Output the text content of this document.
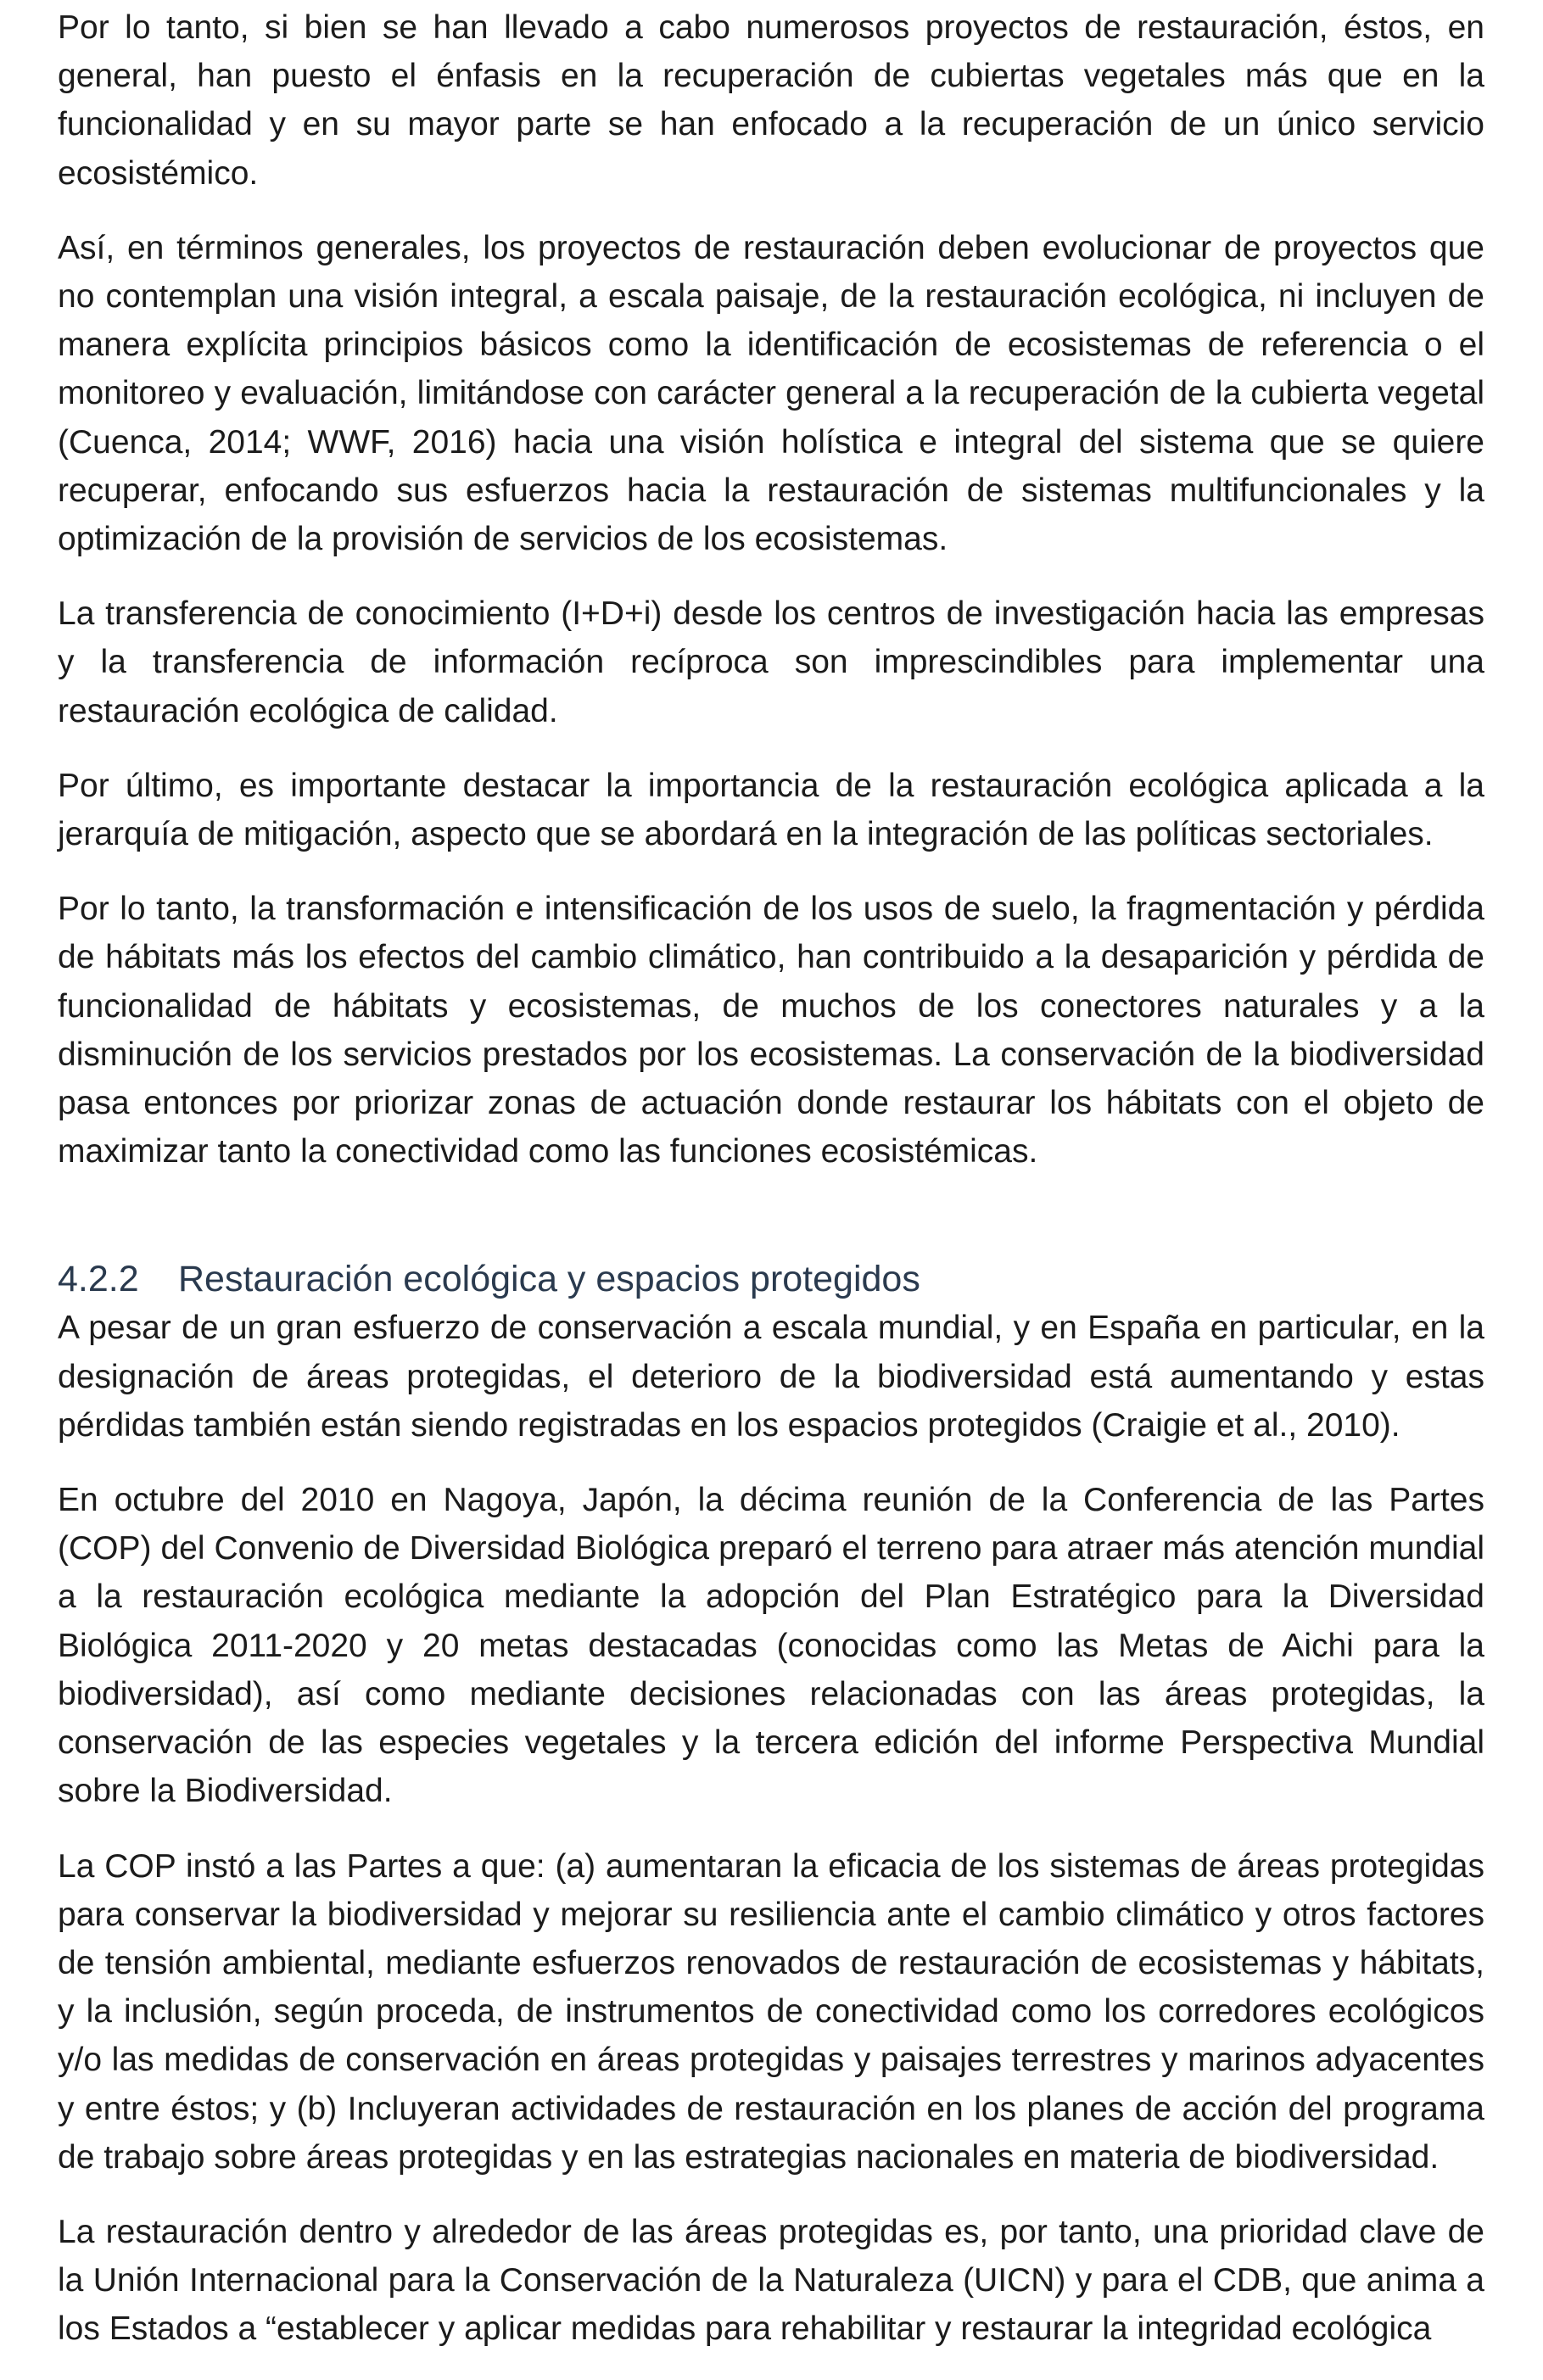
Por lo tanto, si bien se han llevado a cabo numerosos proyectos de restauración, éstos, en general, han puesto el énfasis en la recuperación de cubiertas vegetales más que en la funcionalidad y en su mayor parte se han enfocado a la recuperación de un único servicio ecosistémico.

Así, en términos generales, los proyectos de restauración deben evolucionar de proyectos que no contemplan una visión integral, a escala paisaje, de la restauración ecológica, ni incluyen de manera explícita principios básicos como la identificación de ecosistemas de referencia o el monitoreo y evaluación, limitándose con carácter general a la recuperación de la cubierta vegetal (Cuenca, 2014; WWF, 2016) hacia una visión holística e integral del sistema que se quiere recuperar, enfocando sus esfuerzos hacia la restauración de sistemas multifuncionales y la optimización de la provisión de servicios de los ecosistemas.

La transferencia de conocimiento (I+D+i) desde los centros de investigación hacia las empresas y la transferencia de información recíproca son imprescindibles para implementar una restauración ecológica de calidad.

Por último, es importante destacar la importancia de la restauración ecológica aplicada a la jerarquía de mitigación, aspecto que se abordará en la integración de las políticas sectoriales.

Por lo tanto, la transformación e intensificación de los usos de suelo, la fragmentación y pérdida de hábitats más los efectos del cambio climático, han contribuido a la desaparición y pérdida de funcionalidad de hábitats y ecosistemas, de muchos de los conectores naturales y a la disminución de los servicios prestados por los ecosistemas. La conservación de la biodiversidad pasa entonces por priorizar zonas de actuación donde restaurar los hábitats con el objeto de maximizar tanto la conectividad como las funciones ecosistémicas.

4.2.2 Restauración ecológica y espacios protegidos

A pesar de un gran esfuerzo de conservación a escala mundial, y en España en particular, en la designación de áreas protegidas, el deterioro de la biodiversidad está aumentando y estas pérdidas también están siendo registradas en los espacios protegidos (Craigie et al., 2010).

En octubre del 2010 en Nagoya, Japón, la décima reunión de la Conferencia de las Partes (COP) del Convenio de Diversidad Biológica preparó el terreno para atraer más atención mundial a la restauración ecológica mediante la adopción del Plan Estratégico para la Diversidad Biológica 2011-2020 y 20 metas destacadas (conocidas como las Metas de Aichi para la biodiversidad), así como mediante decisiones relacionadas con las áreas protegidas, la conservación de las especies vegetales y la tercera edición del informe Perspectiva Mundial sobre la Biodiversidad.

La COP instó a las Partes a que: (a) aumentaran la eficacia de los sistemas de áreas protegidas para conservar la biodiversidad y mejorar su resiliencia ante el cambio climático y otros factores de tensión ambiental, mediante esfuerzos renovados de restauración de ecosistemas y hábitats, y la inclusión, según proceda, de instrumentos de conectividad como los corredores ecológicos y/o las medidas de conservación en áreas protegidas y paisajes terrestres y marinos adyacentes y entre éstos; y (b) Incluyeran actividades de restauración en los planes de acción del programa de trabajo sobre áreas protegidas y en las estrategias nacionales en materia de biodiversidad.

La restauración dentro y alrededor de las áreas protegidas es, por tanto, una prioridad clave de la Unión Internacional para la Conservación de la Naturaleza (UICN) y para el CDB, que anima a los Estados a “establecer y aplicar medidas para rehabilitar y restaurar la integridad ecológica
